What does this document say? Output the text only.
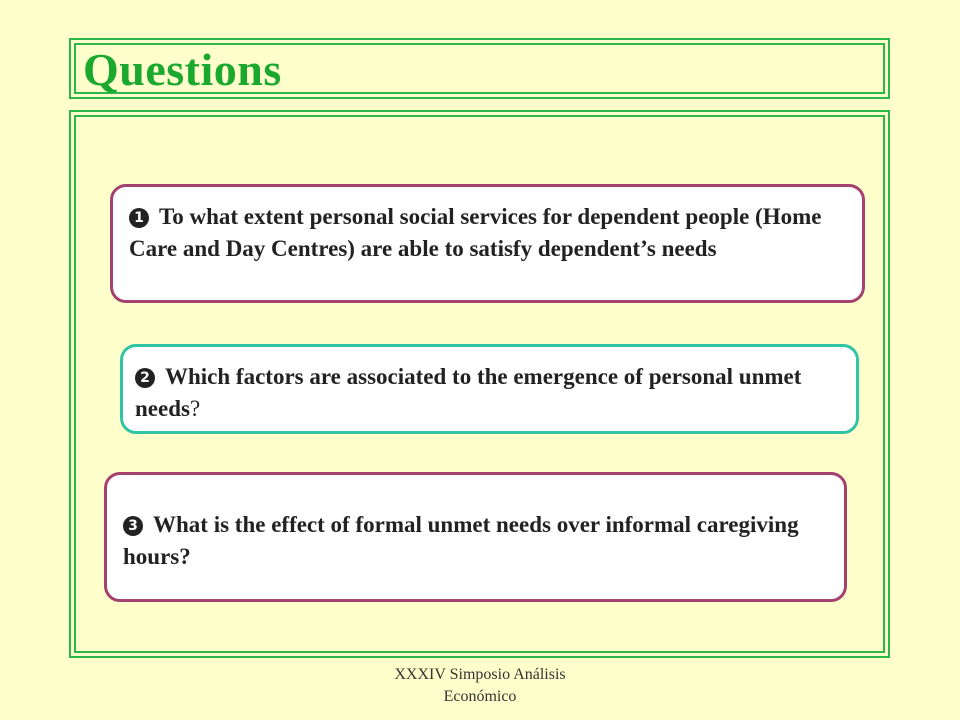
Questions
1 To what extent personal social services for dependent people (Home Care and Day Centres) are able to satisfy dependent’s needs
2 Which factors are associated to the emergence of personal unmet needs?
3 What is the effect of formal unmet needs over informal caregiving hours?
XXXIV Simposio Análisis
Económico
